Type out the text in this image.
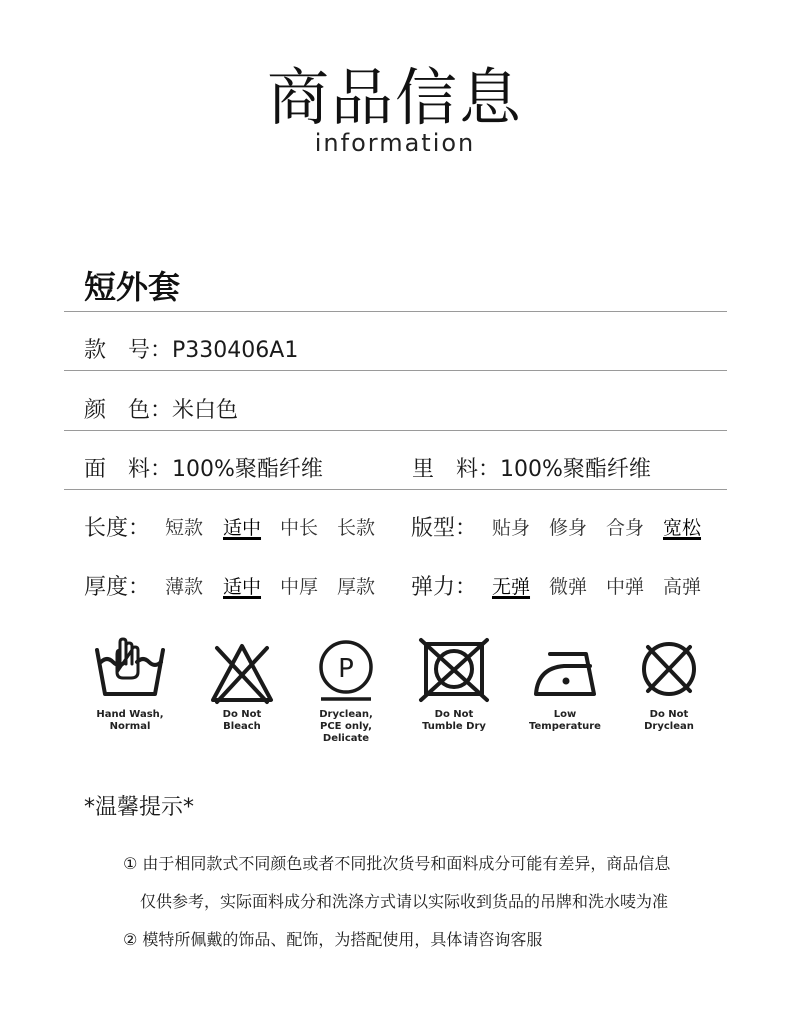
商品信息
information
短外套
款　号：P330406A1
颜　色：米白色
面　料：100%聚酯纤维	里　料：100%聚酯纤维
长度： 短款 适中 中长 长款 版型： 贴身 修身 合身 宽松
厚度： 薄款 适中 中厚 厚款 弹力： 无弹 微弹 中弹 高弹
Hand Wash,
Normal
Do Not
Bleach
P
Dryclean,
PCE only,
Delicate
Do Not
Tumble Dry
Low
Temperature
Do Not
Dryclean
*温馨提示*
① 由于相同款式不同颜色或者不同批次货号和面料成分可能有差异，商品信息
仅供参考，实际面料成分和洗涤方式请以实际收到货品的吊牌和洗水唛为准
② 模特所佩戴的饰品、配饰，为搭配使用，具体请咨询客服
